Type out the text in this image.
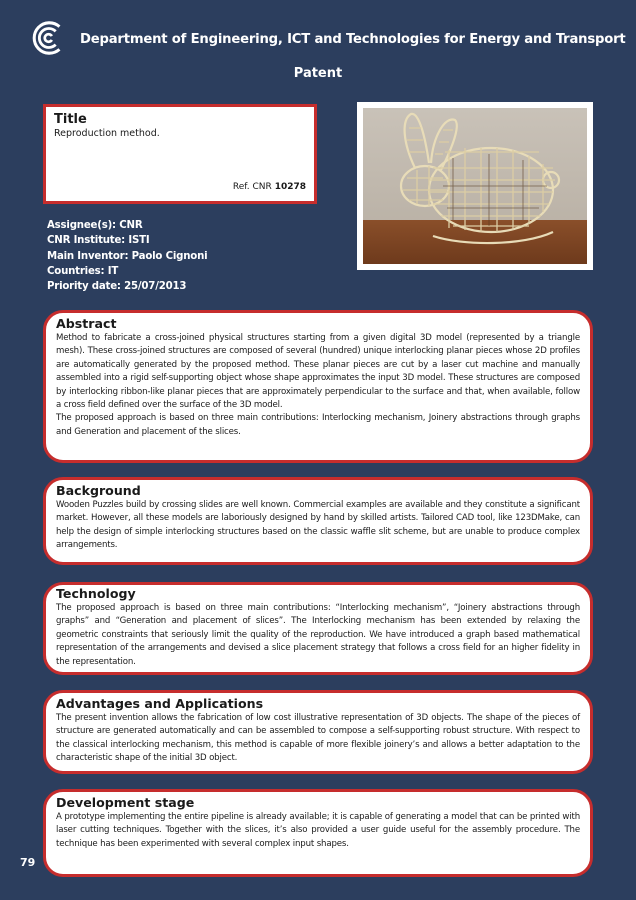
Department of Engineering, ICT and Technologies for Energy and Transport
Patent
Title
Reproduction method.
Ref. CNR 10278
Assignee(s): CNR
CNR Institute: ISTI
Main Inventor: Paolo Cignoni
Countries: IT
Priority date: 25/07/2013
Abstract

Method to fabricate a cross-joined physical structures starting from a given digital 3D model (represented by a triangle mesh). These cross-joined structures are composed of several (hundred) unique interlocking planar pieces whose 2D profiles are automatically generated by the proposed method. These planar pieces are cut by a laser cut machine and manually assembled into a rigid self-supporting object whose shape approximates the input 3D model. These structures are composed by interlocking ribbon-like planar pieces that are approximately perpendicular to the surface and that, when available, follow a cross field defined over the surface of the 3D model.

The proposed approach is based on three main contributions: Interlocking mechanism, Joinery abstractions through graphs and Generation and placement of the slices.

Background

Wooden Puzzles build by crossing slides are well known. Commercial examples are available and they constitute a significant market. However, all these models are laboriously designed by hand by skilled artists. Tailored CAD tool, like 123DMake, can help the design of simple interlocking structures based on the classic waffle slit scheme, but are unable to produce complex arrangements.

Technology

The proposed approach is based on three main contributions: “Interlocking mechanism”, “Joinery abstractions through graphs” and “Generation and placement of slices”. The Interlocking mechanism has been extended by relaxing the geometric constraints that seriously limit the quality of the reproduction. We have introduced a graph based mathematical representation of the arrangements and devised a slice placement strategy that follows a cross field for an higher fidelity in the representation.

Advantages and Applications

The present invention allows the fabrication of low cost illustrative representation of 3D objects. The shape of the pieces of structure are generated automatically and can be assembled to compose a self-supporting robust structure. With respect to the classical interlocking mechanism, this method is capable of more flexible joinery’s and allows a better adaptation to the characteristic shape of the initial 3D object.

Development stage

A prototype implementing the entire pipeline is already available; it is capable of generating a model that can be printed with laser cutting techniques. Together with the slices, it’s also provided a user guide useful for the assembly procedure. The technique has been experimented with several complex input shapes.

79
